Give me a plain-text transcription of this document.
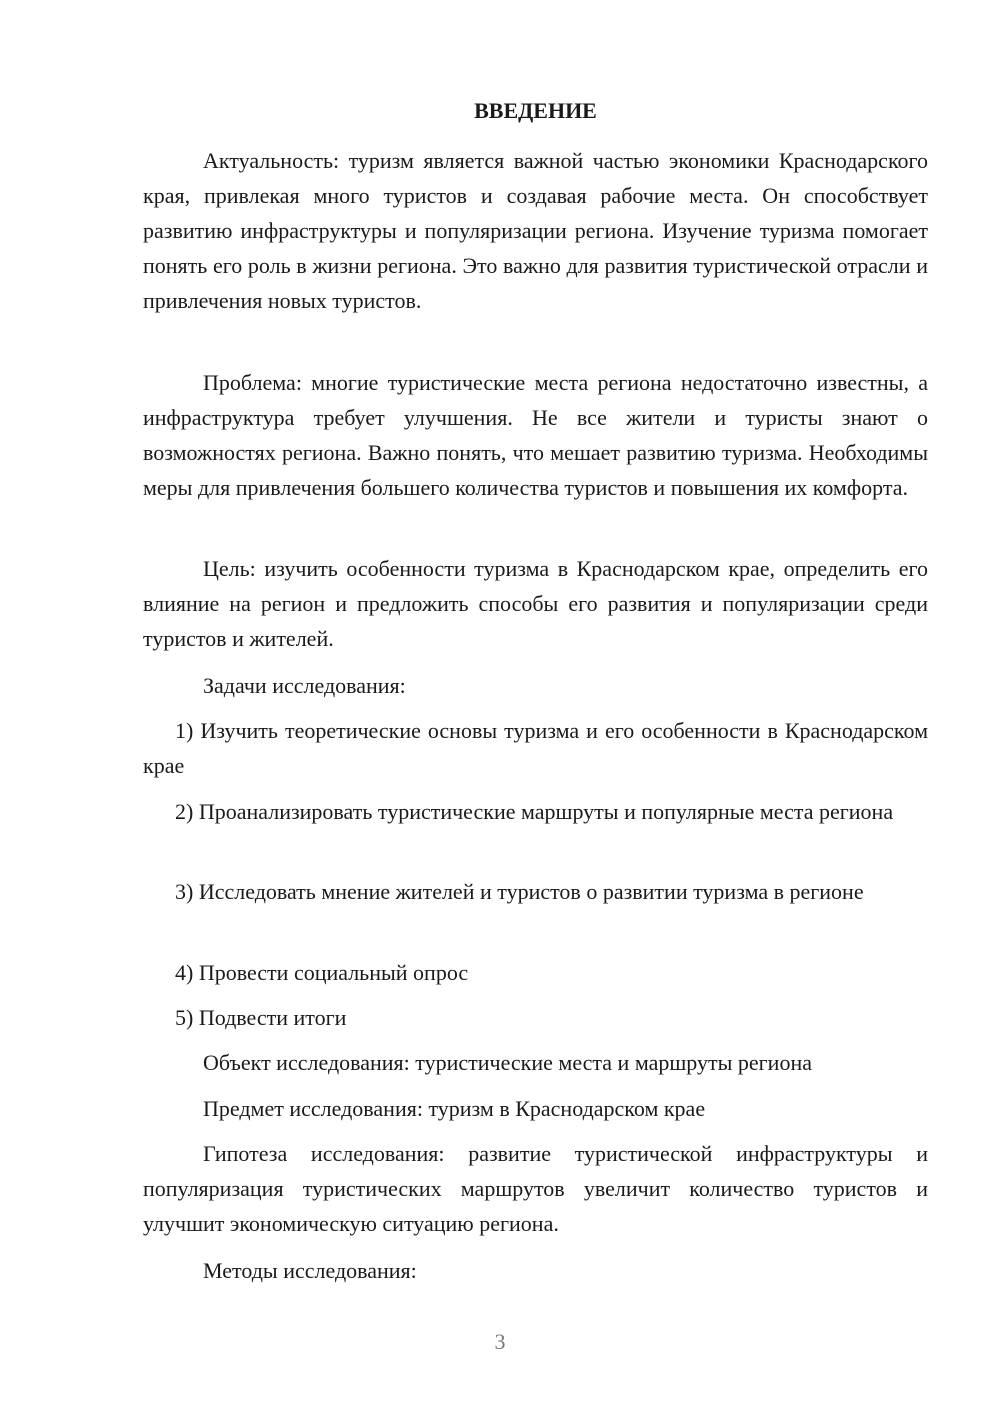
ВВЕДЕНИЕ

Актуальность: туризм является важной частью экономики Краснодарского края, привлекая много туристов и создавая рабочие места. Он способствует развитию инфраструктуры и популяризации региона. Изучение туризма помогает понять его роль в жизни региона. Это важно для развития туристической отрасли и привлечения новых туристов.

Проблема: многие туристические места региона недостаточно известны, а инфраструктура требует улучшения. Не все жители и туристы знают о возможностях региона. Важно понять, что мешает развитию туризма. Необходимы меры для привлечения большего количества туристов и повышения их комфорта.

Цель: изучить особенности туризма в Краснодарском крае, определить его влияние на регион и предложить способы его развития и популяризации среди туристов и жителей.

Задачи исследования:

1) Изучить теоретические основы туризма и его особенности в Краснодарском крае

2) Проанализировать туристические маршруты и популярные места региона

3) Исследовать мнение жителей и туристов о развитии туризма в регионе

4) Провести социальный опрос

5) Подвести итоги

Объект исследования: туристические места и маршруты региона

Предмет исследования: туризм в Краснодарском крае

Гипотеза исследования: развитие туристической инфраструктуры и популяризация туристических маршрутов увеличит количество туристов и улучшит экономическую ситуацию региона.

Методы исследования:

3
